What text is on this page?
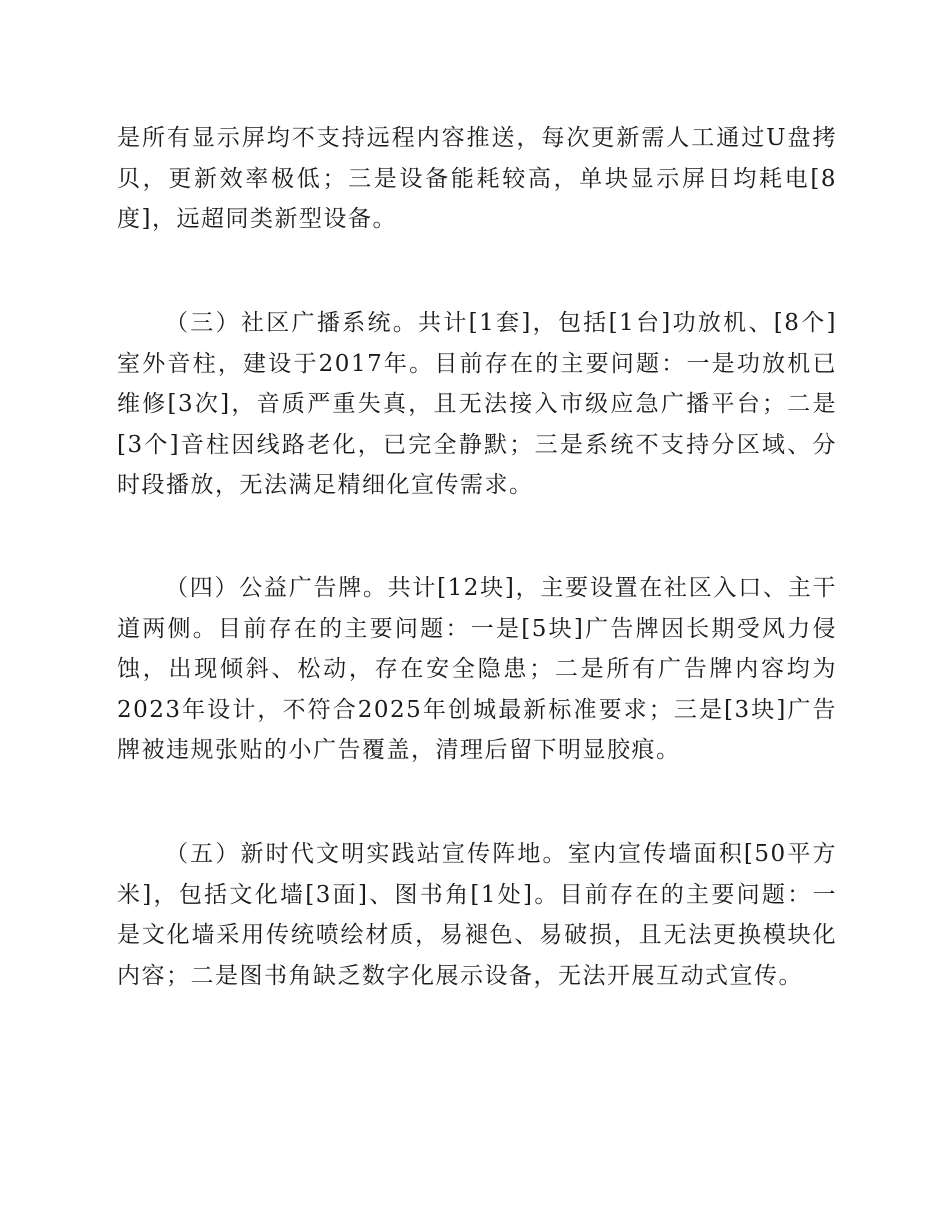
是所有显示屏均不支持远程内容推送，每次更新需人工通过U盘拷贝，更新效率极低；三是设备能耗较高，单块显示屏日均耗电[8度]，远超同类新型设备。

（三）社区广播系统。共计[1套]，包括[1台]功放机、[8个]室外音柱，建设于2017年。目前存在的主要问题：一是功放机已维修[3次]，音质严重失真，且无法接入市级应急广播平台；二是[3个]音柱因线路老化，已完全静默；三是系统不支持分区域、分时段播放，无法满足精细化宣传需求。

（四）公益广告牌。共计[12块]，主要设置在社区入口、主干道两侧。目前存在的主要问题：一是[5块]广告牌因长期受风力侵蚀，出现倾斜、松动，存在安全隐患；二是所有广告牌内容均为2023年设计，不符合2025年创城最新标准要求；三是[3块]广告牌被违规张贴的小广告覆盖，清理后留下明显胶痕。

（五）新时代文明实践站宣传阵地。室内宣传墙面积[50平方米]，包括文化墙[3面]、图书角[1处]。目前存在的主要问题：一是文化墙采用传统喷绘材质，易褪色、易破损，且无法更换模块化内容；二是图书角缺乏数字化展示设备，无法开展互动式宣传。
